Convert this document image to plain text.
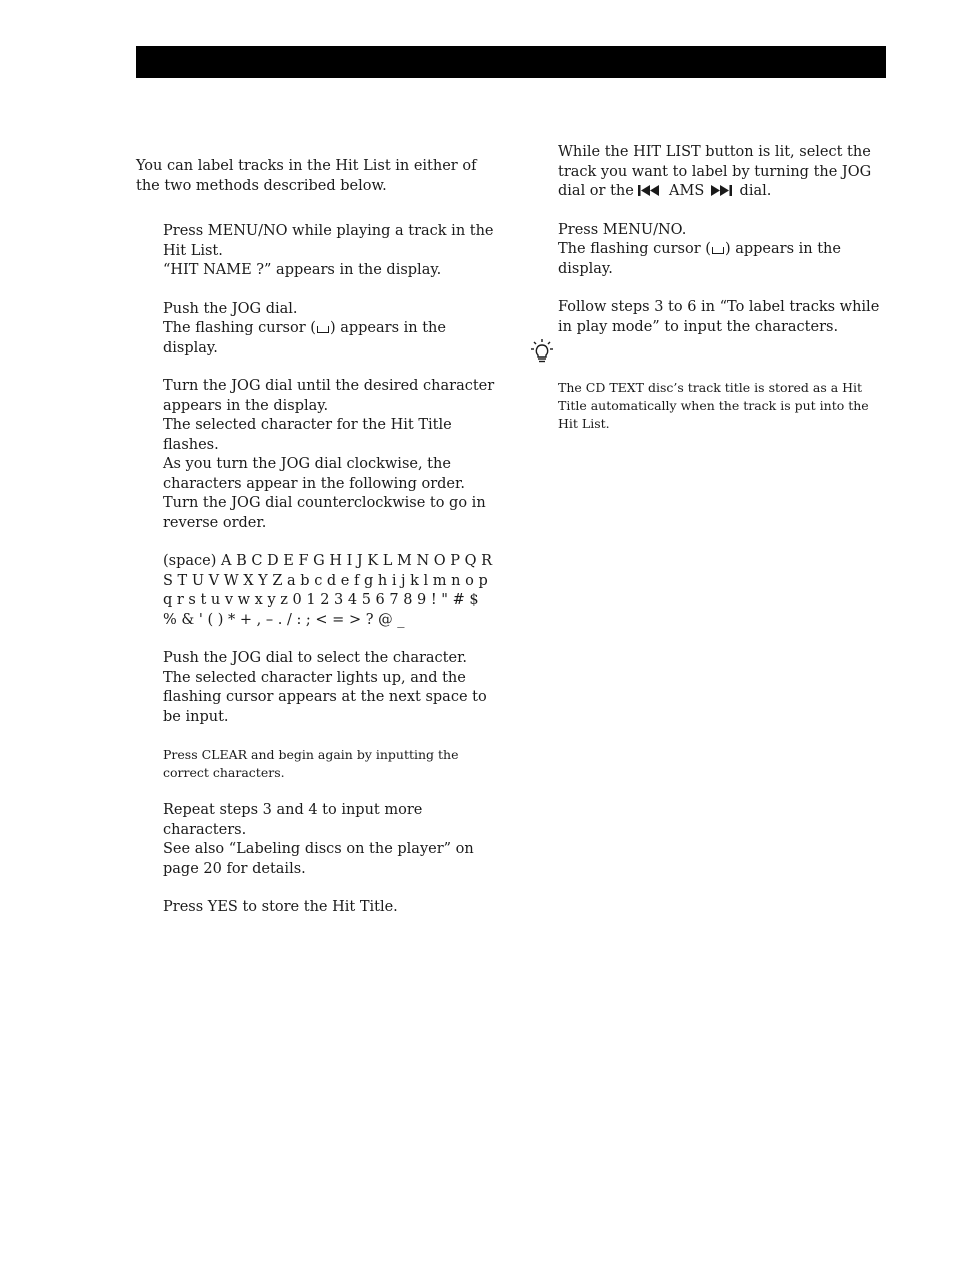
You can label tracks in the Hit List in either of the two methods described below.

Press MENU/NO while playing a track in the Hit List.

“HIT NAME ?” appears in the display.

Push the JOG dial.

The flashing cursor ( ) appears in the display.

Turn the JOG dial until the desired character appears in the display.

The selected character for the Hit Title flashes.

As you turn the JOG dial clockwise, the characters appear in the following order. Turn the JOG dial counterclockwise to go in reverse order.

(space) A B C D E F G H I J K L M N O P Q R S T U V W X Y Z a b c d e f g h i j k l m n o p q r s t u v w x y z 0 1 2 3 4 5 6 7 8 9 ! " # $ % & ' ( ) * + , – . / : ; < = > ? @ _

Push the JOG dial to select the character.

The selected character lights up, and the flashing cursor appears at the next space to be input.

Press CLEAR and begin again by inputting the correct characters.

Repeat steps 3 and 4 to input more characters.

See also “Labeling discs on the player” on page 20 for details.

Press YES to store the Hit Title.

While the HIT LIST button is lit, select the track you want to label by turning the JOG dial or the AMS dial.

Press MENU/NO.

The flashing cursor ( ) appears in the display.

Follow steps 3 to 6 in “To label tracks while in play mode” to input the characters.

The CD TEXT disc’s track title is stored as a Hit Title automatically when the track is put into the Hit List.
